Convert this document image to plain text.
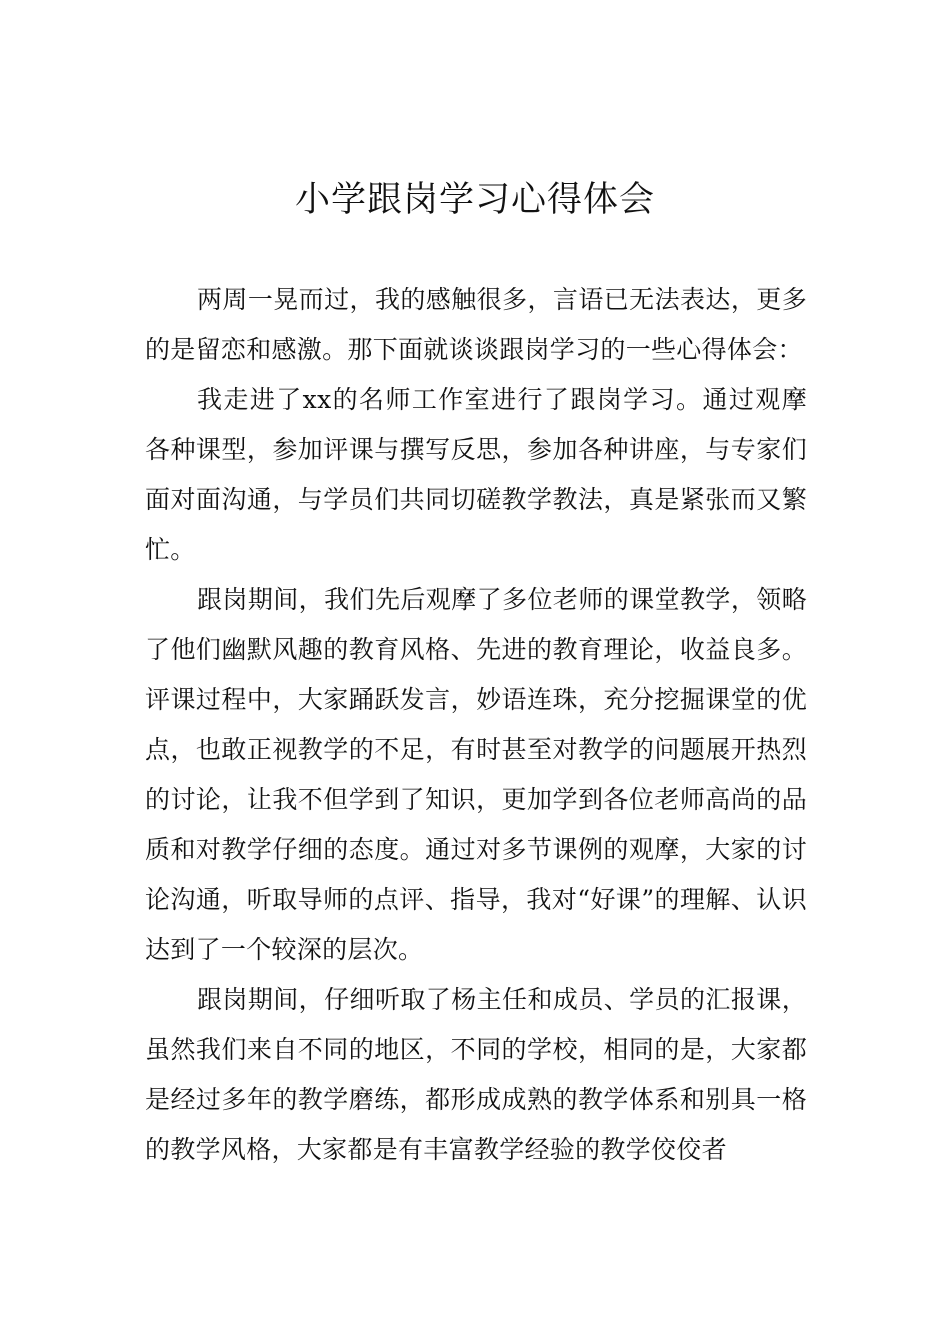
小学跟岗学习心得体会

两周一晃而过，我的感触很多，言语已无法表达，更多的是留恋和感激。那下面就谈谈跟岗学习的一些心得体会：

我走进了xx的名师工作室进行了跟岗学习。通过观摩各种课型，参加评课与撰写反思，参加各种讲座，与专家们面对面沟通，与学员们共同切磋教学教法，真是紧张而又繁忙。

跟岗期间，我们先后观摩了多位老师的课堂教学，领略了他们幽默风趣的教育风格、先进的教育理论，收益良多。评课过程中，大家踊跃发言，妙语连珠，充分挖掘课堂的优点，也敢正视教学的不足，有时甚至对教学的问题展开热烈的讨论，让我不但学到了知识，更加学到各位老师高尚的品质和对教学仔细的态度。通过对多节课例的观摩，大家的讨论沟通，听取导师的点评、指导，我对“好课”的理解、认识达到了一个较深的层次。

跟岗期间，仔细听取了杨主任和成员、学员的汇报课，虽然我们来自不同的地区，不同的学校，相同的是，大家都是经过多年的教学磨练，都形成成熟的教学体系和别具一格的教学风格，大家都是有丰富教学经验的教学佼佼者
